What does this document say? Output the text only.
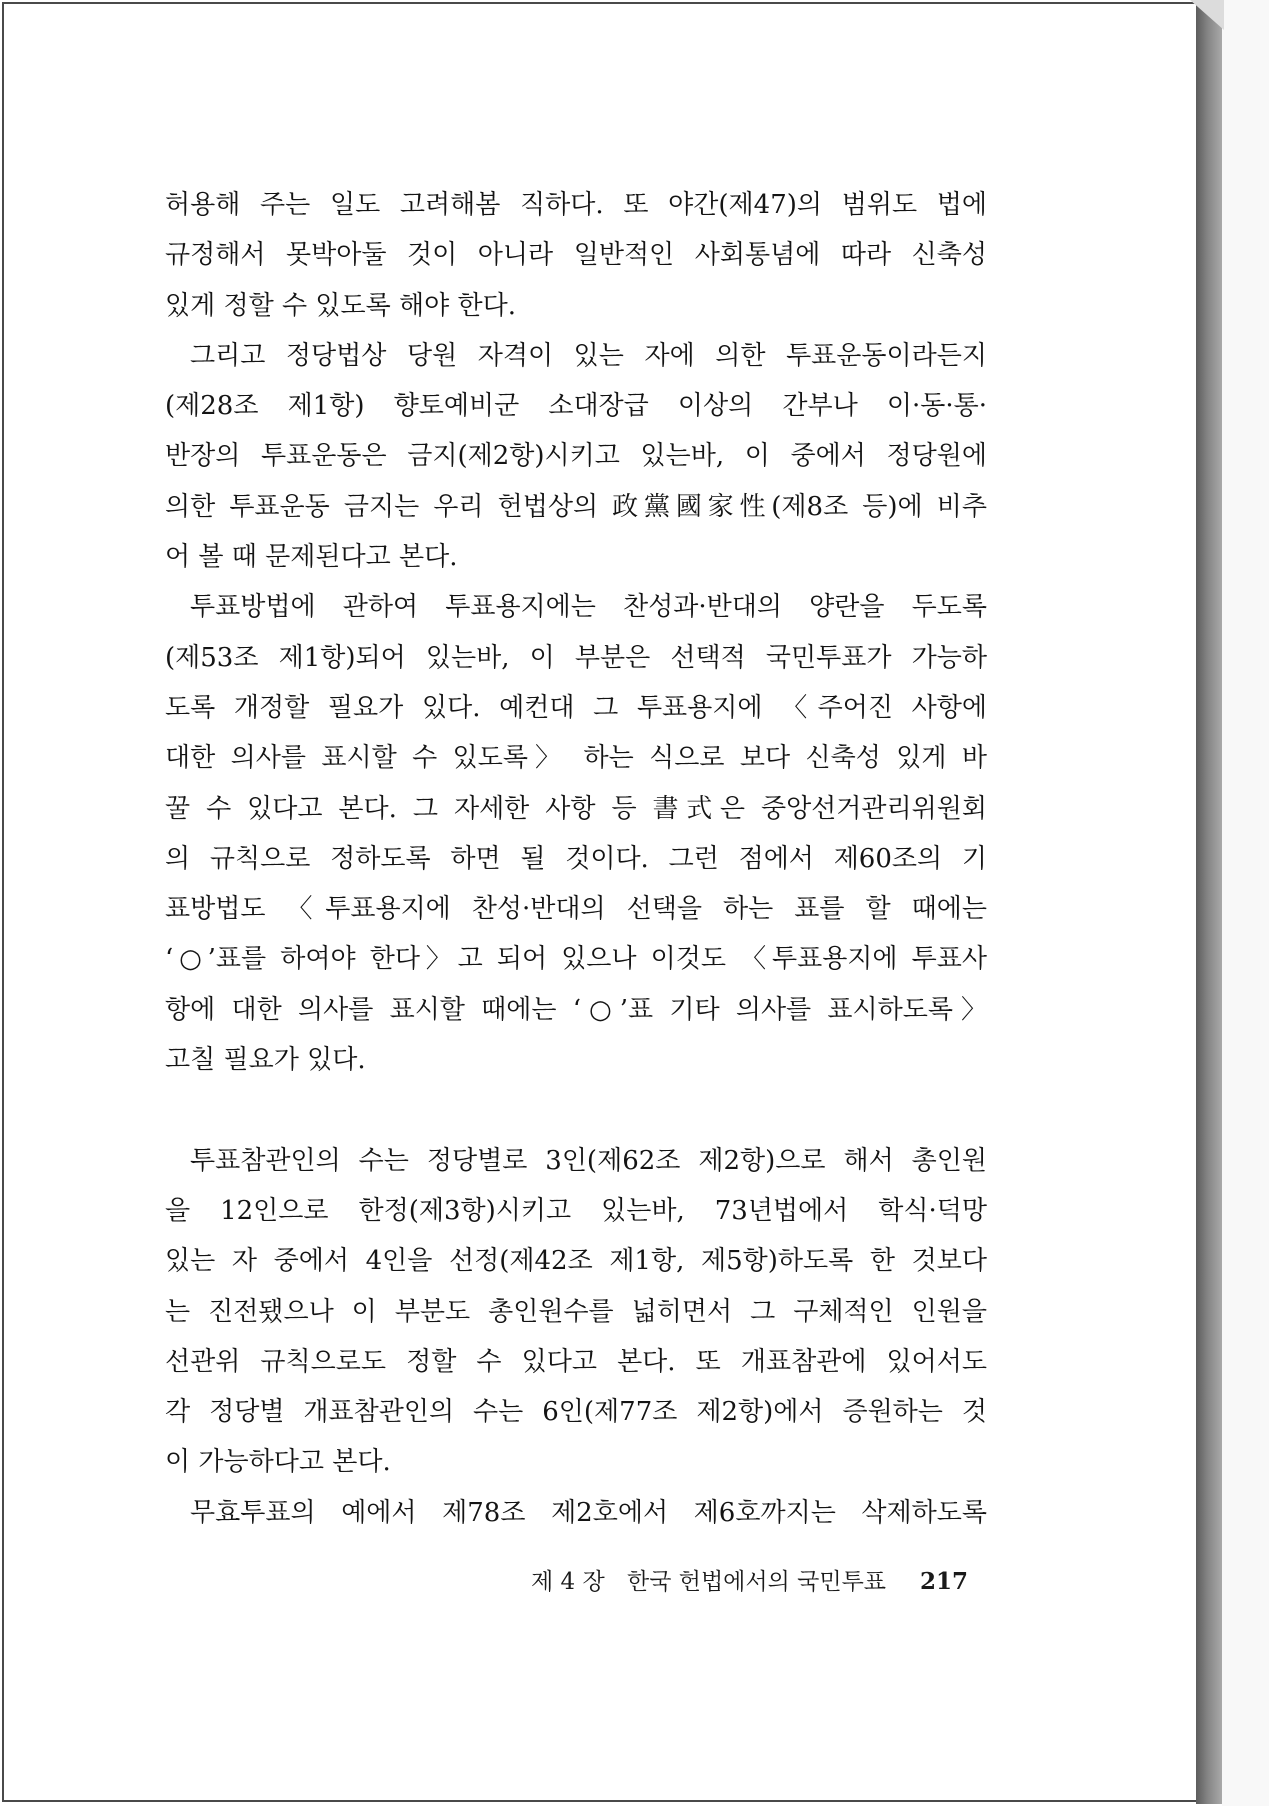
허용해 주는 일도 고려해봄 직하다. 또 야간(제47)의 범위도 법에
규정해서 못박아둘 것이 아니라 일반적인 사회통념에 따라 신축성
있게 정할 수 있도록 해야 한다.
그리고 정당법상 당원 자격이 있는 자에 의한 투표운동이라든지
(제28조 제1항) 향토예비군 소대장급 이상의 간부나 이·동·통·
반장의 투표운동은 금지(제2항)시키고 있는바, 이 중에서 정당원에
의한 투표운동 금지는 우리 헌법상의 政黨國家性(제8조 등)에 비추
어 볼 때 문제된다고 본다.
투표방법에 관하여 투표용지에는 찬성과·반대의 양란을 두도록
(제53조 제1항)되어 있는바, 이 부분은 선택적 국민투표가 가능하
도록 개정할 필요가 있다. 예컨대 그 투표용지에 〈주어진 사항에
대한 의사를 표시할 수 있도록〉 하는 식으로 보다 신축성 있게 바
꿀 수 있다고 본다. 그 자세한 사항 등 書式은 중앙선거관리위원회
의 규칙으로 정하도록 하면 될 것이다. 그런 점에서 제60조의 기
표방법도 〈투표용지에 찬성·반대의 선택을 하는 표를 할 때에는
‘○’표를 하여야 한다〉고 되어 있으나 이것도 〈투표용지에 투표사
항에 대한 의사를 표시할 때에는 ‘○’표 기타 의사를 표시하도록〉
고칠 필요가 있다.
투표참관인의 수는 정당별로 3인(제62조 제2항)으로 해서 총인원
을 12인으로 한정(제3항)시키고 있는바, 73년법에서 학식·덕망
있는 자 중에서 4인을 선정(제42조 제1항, 제5항)하도록 한 것보다
는 진전됐으나 이 부분도 총인원수를 넓히면서 그 구체적인 인원을
선관위 규칙으로도 정할 수 있다고 본다. 또 개표참관에 있어서도
각 정당별 개표참관인의 수는 6인(제77조 제2항)에서 증원하는 것
이 가능하다고 본다.
무효투표의 예에서 제78조 제2호에서 제6호까지는 삭제하도록
제 4 장 한국 헌법에서의 국민투표 217
